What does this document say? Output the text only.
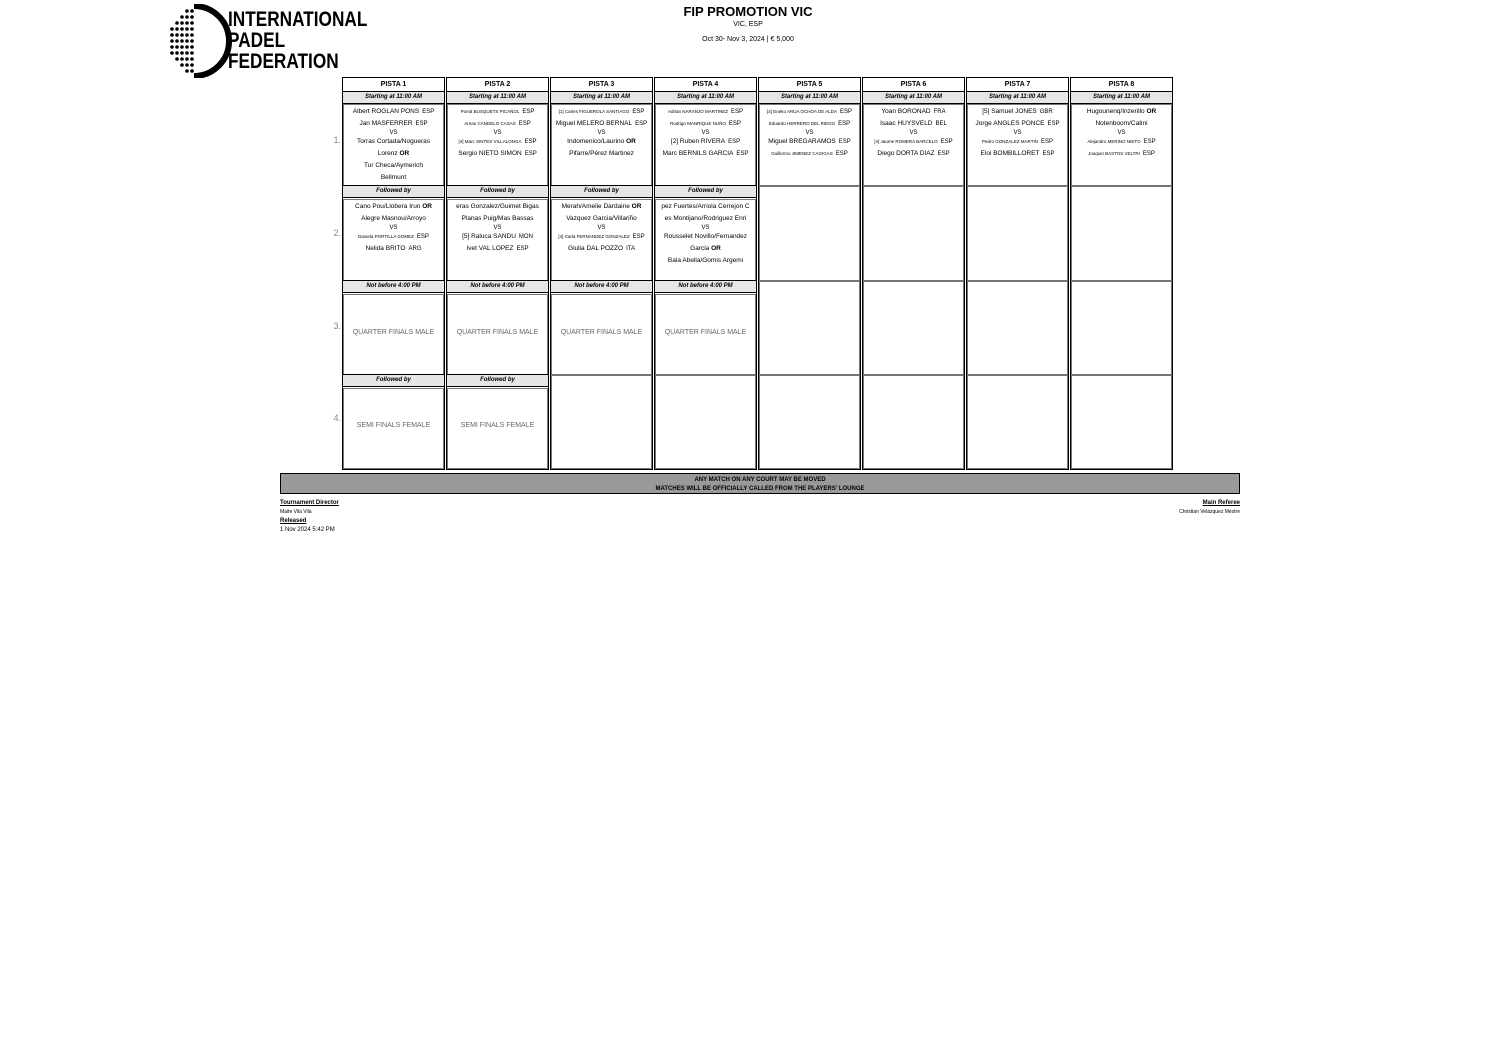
INTERNATIONAL
PADEL
FEDERATION
FIP PROMOTION VIC
VIC, ESP
Oct 30- Nov 3, 2024 | € 5,000
PISTA 1
Starting at 11:00 AM
Albert ROGLAN PONS ESP
Jan MASFERRER ESP
VS
Torras Cortada/Nogueras
Lorenz OR
Tur Checa/Aymerich
Bellmunt
Followed by
Cano Pou/Llobera Irun OR
Alegre Masnou/Arroyo
VS
Daniela PORTILLA GOMEZ ESP
Nelida BRITO ARG
Not before 4:00 PM
QUARTER FINALS MALE
Followed by
SEMI FINALS FEMALE
PISTA 2
Starting at 11:00 AM
Pomà BUSQUETS PICAÑOL ESP
Arnau CANDELO CASAS ESP
VS
[4] Marc SINTES VILLALONGA ESP
Sergio NIETO SIMON ESP
Followed by
eras Gonzalez/Guimet Bigas
Planas Puig/Mas Bassas
VS
[5] Raluca SANDU MON
Ivet VAL LOPEZ ESP
Not before 4:00 PM
QUARTER FINALS MALE
Followed by
SEMI FINALS FEMALE
PISTA 3
Starting at 11:00 AM
[1] Carles FIGUEROLA SANTIAGO ESP
Miguel MELERO BERNAL ESP
VS
Indomenico/Laurino OR
Pifarre/Pérez Martinez
Followed by
Merah/Amelie Dardaine OR
Vazquez Garcia/Villariño
VS
[4] Carla FERNANDEZ GONZALEZ ESP
Giulia DAL POZZO ITA
Not before 4:00 PM
QUARTER FINALS MALE
PISTA 4
Starting at 11:00 AM
Adrian NARANJO MARTINEZ ESP
Rodrigo MANRIQUE NUÑO ESP
VS
[2] Ruben RIVERA ESP
Marc BERNILS GARCIA ESP
Followed by
pez Fuertes/Arriola Cerrejon C
es Montijano/Rodriguez Enri
VS
Rousselet Novillo/Fernandez
Garcia OR
Bala Abella/Gomis Argemi
Not before 4:00 PM
QUARTER FINALS MALE
PISTA 5
Starting at 11:00 AM
[4] Eneko ARUA OCHOA DE ALDA ESP
Eduardo HERRERO DEL RIEGO ESP
VS
Miguel BREGARAMOS ESP
Guillermo JIMENEZ CAGIGAS ESP
PISTA 6
Starting at 11:00 AM
Yoan BORONAD FRA
Isaac HUYSVELD BEL
VS
[4] Jaume ROMERA BARCELO ESP
Diego DORTA DIAZ ESP
PISTA 7
Starting at 11:00 AM
[5] Samuel JONES GBR
Jorge ANGLES PONCE ESP
VS
Pedro GONZALEZ MARTIN ESP
Eloi BOMBILLORET ESP
PISTA 8
Starting at 11:00 AM
Hugounenq/Inzerillo OR
Notenboom/Catini
VS
Alejandro MERINO NIETO ESP
Joaquin BASTOS VELTRI ESP
ANY MATCH ON ANY COURT MAY BE MOVED
MATCHES WILL BE OFFICIALLY CALLED FROM THE PLAYERS' LOUNGE
Tournament Director
Maite Vila Vila
Released
1 Nov 2024 5:42 PM
Main Referee
Christian Velázquez Mestre
1.
2.
3.
4.
